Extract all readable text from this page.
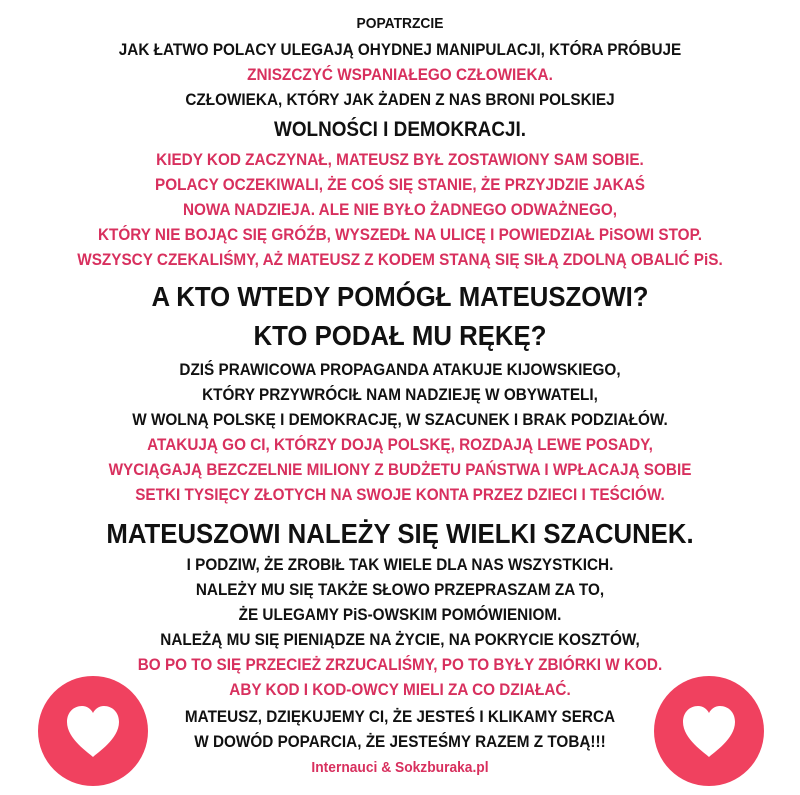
POPATRZCIE
JAK ŁATWO POLACY ULEGAJĄ OHYDNEJ MANIPULACJI, KTÓRA PRÓBUJE
ZNISZCZYĆ WSPANIAŁEGO CZŁOWIEKA.
CZŁOWIEKA, KTÓRY JAK ŻADEN Z NAS BRONI POLSKIEJ
WOLNOŚCI I DEMOKRACJI.
KIEDY KOD ZACZYNAŁ, MATEUSZ BYŁ ZOSTAWIONY SAM SOBIE.
POLACY OCZEKIWALI, ŻE COŚ SIĘ STANIE, ŻE PRZYJDZIE JAKAŚ
NOWA NADZIEJA. ALE NIE BYŁO ŻADNEGO ODWAŻNEGO,
KTÓRY NIE BOJĄC SIĘ GRÓŹB, WYSZEDŁ NA ULICĘ I POWIEDZIAŁ PiSOWI STOP.
WSZYSCY CZEKALIŚMY, AŻ MATEUSZ Z KODEM STANĄ SIĘ SIŁĄ ZDOLNĄ OBALIĆ PiS.
A KTO WTEDY POMÓGŁ MATEUSZOWI?
KTO PODAŁ MU RĘKĘ?
DZIŚ PRAWICOWA PROPAGANDA ATAKUJE KIJOWSKIEGO,
KTÓRY PRZYWRÓCIŁ NAM NADZIEJĘ W OBYWATELI,
W WOLNĄ POLSKĘ I DEMOKRACJĘ, W SZACUNEK I BRAK PODZIAŁÓW.
ATAKUJĄ GO CI, KTÓRZY DOJĄ POLSKĘ, ROZDAJĄ LEWE POSADY,
WYCIĄGAJĄ BEZCZELNIE MILIONY Z BUDŻETU PAŃSTWA I WPŁACAJĄ SOBIE
SETKI TYSIĘCY ZŁOTYCH NA SWOJE KONTA PRZEZ DZIECI I TEŚCIÓW.
MATEUSZOWI NALEŻY SIĘ WIELKI SZACUNEK.
I PODZIW, ŻE ZROBIŁ TAK WIELE DLA NAS WSZYSTKICH.
NALEŻY MU SIĘ TAKŻE SŁOWO PRZEPRASZAM ZA TO,
ŻE ULEGAMY PiS-OWSKIM POMÓWIENIOM.
NALEŻĄ MU SIĘ PIENIĄDZE NA ŻYCIE, NA POKRYCIE KOSZTÓW,
BO PO TO SIĘ PRZECIEŻ ZRZUCALIŚMY, PO TO BYŁY ZBIÓRKI W KOD.
ABY KOD I KOD-OWCY MIELI ZA CO DZIAŁAĆ.
MATEUSZ, DZIĘKUJEMY CI, ŻE JESTEŚ I KLIKAMY SERCA
W DOWÓD POPARCIA, ŻE JESTEŚMY RAZEM Z TOBĄ!!!
Internauci & Sokzburaka.pl
